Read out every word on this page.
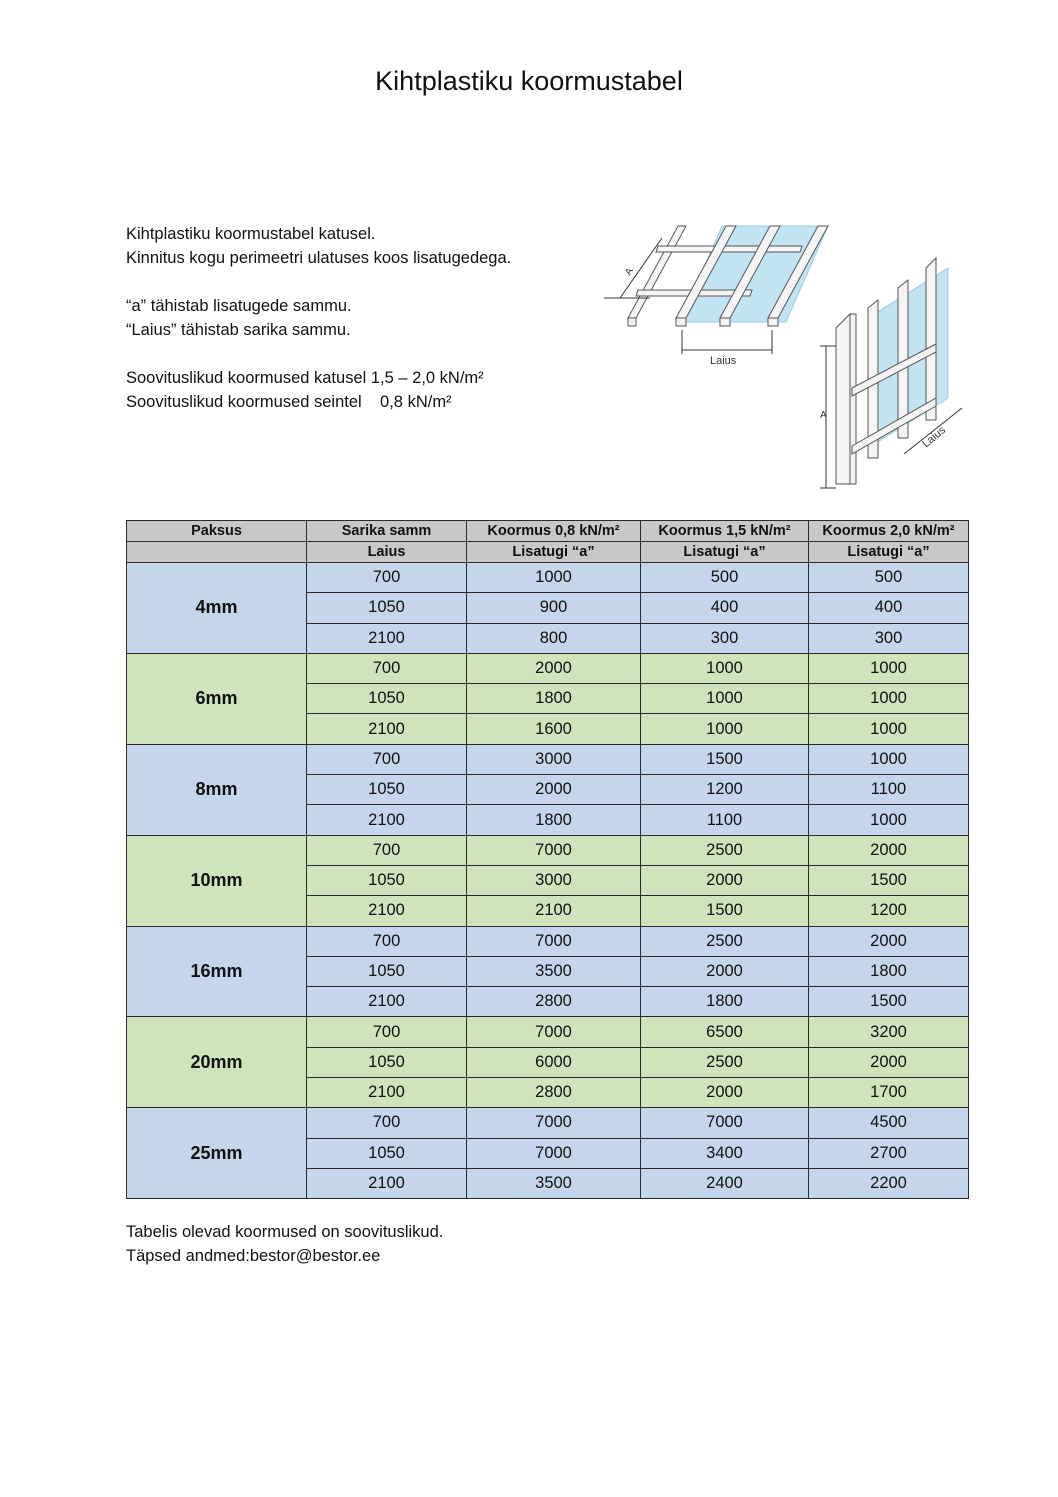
Kihtplastiku koormustabel

Kihtplastiku koormustabel katusel.

Kinnitus kogu perimeetri ulatuses koos lisatugedega.

“a” tähistab lisatugede sammu.

“Laius” tähistab sarika sammu.

Soovituslikud koormused katusel 1,5 – 2,0 kN/m²

Soovituslikud koormused seintel    0,8 kN/m²

A
Laius
A
Laius
Paksus	Sarika samm	Koormus 0,8 kN/m²	Koormus 1,5 kN/m²	Koormus 2,0 kN/m²
	Laius	Lisatugi “a”	Lisatugi “a”	Lisatugi “a”
4mm	700	1000	500	500
	1050	900	400	400
	2100	800	300	300
6mm	700	2000	1000	1000
	1050	1800	1000	1000
	2100	1600	1000	1000
8mm	700	3000	1500	1000
	1050	2000	1200	1100
	2100	1800	1100	1000
10mm	700	7000	2500	2000
	1050	3000	2000	1500
	2100	2100	1500	1200
16mm	700	7000	2500	2000
	1050	3500	2000	1800
	2100	2800	1800	1500
20mm	700	7000	6500	3200
	1050	6000	2500	2000
	2100	2800	2000	1700
25mm	700	7000	7000	4500
	1050	7000	3400	2700
	2100	3500	2400	2200

Tabelis olevad koormused on soovituslikud.

Täpsed andmed:bestor@bestor.ee
